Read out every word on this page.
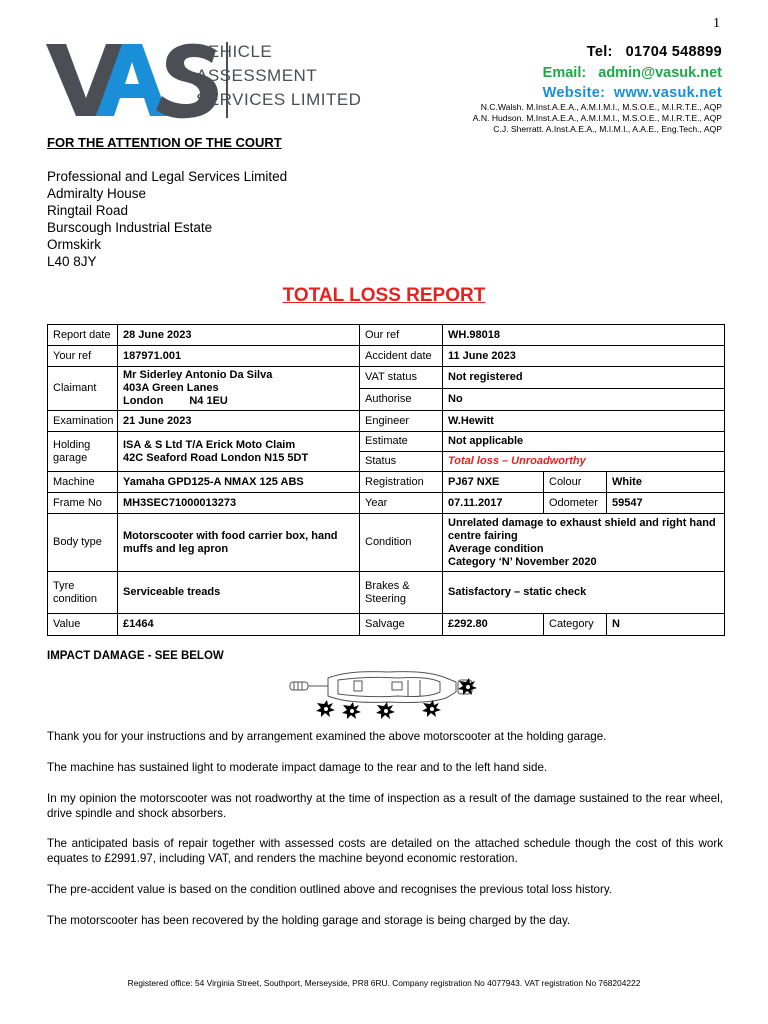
1
VEHICLE
ASSESSMENT
SERVICES LIMITED
Tel: 01704 548899
Email: admin@vasuk.net
Website: www.vasuk.net
N.C.Walsh. M.Inst.A.E.A., A.M.I.M.I., M.S.O.E., M.I.R.T.E., AQP
A.N. Hudson. M.Inst.A.E.A., A.M.I.M.I., M.S.O.E., M.I.R.T.E., AQP
C.J. Sherratt. A.Inst.A.E.A., M.I.M.I., A.A.E., Eng.Tech., AQP
FOR THE ATTENTION OF THE COURT
Professional and Legal Services Limited
Admiralty House
Ringtail Road
Burscough Industrial Estate
Ormskirk
L40 8JY
TOTAL LOSS REPORT
Report date	28 June 2023	Our ref	WH.98018		
Your ref	187971.001	Accident date	11 June 2023		
Claimant	Mr Siderley Antonio Da Silva
403A Green Lanes
London N4 1EU	VAT status	Not registered		
		Authorise	No		
Examination	21 June 2023	Engineer	W.Hewitt		
Holding garage	ISA & S Ltd T/A Erick Moto Claim
42C Seaford Road London N15 5DT	Estimate	Not applicable		
		Status	Total loss – Unroadworthy		
Machine	Yamaha GPD125-A NMAX 125 ABS	Registration	PJ67 NXE	Colour	White
Frame No	MH3SEC71000013273	Year	07.11.2017	Odometer	59547
Body type	Motorscooter with food carrier box, hand muffs and leg apron	Condition	Unrelated damage to exhaust shield and right hand centre fairing
Average condition
Category ‘N’ November 2020		

Tyre condition	Serviceable treads	Brakes & Steering	Satisfactory – static check		
Value	£1464	Salvage	£292.80	Category	N
IMPACT DAMAGE - SEE BELOW
Thank you for your instructions and by arrangement examined the above motorscooter at the holding garage.
The machine has sustained light to moderate impact damage to the rear and to the left hand side.
In my opinion the motorscooter was not roadworthy at the time of inspection as a result of the damage sustained to the rear wheel, drive spindle and shock absorbers.
The anticipated basis of repair together with assessed costs are detailed on the attached schedule though the cost of this work equates to £2991.97, including VAT, and renders the machine beyond economic restoration.
The pre-accident value is based on the condition outlined above and recognises the previous total loss history.
The motorscooter has been recovered by the holding garage and storage is being charged by the day.
Registered office: 54 Virginia Street, Southport, Merseyside, PR8 6RU. Company registration No 4077943. VAT registration No 768204222
